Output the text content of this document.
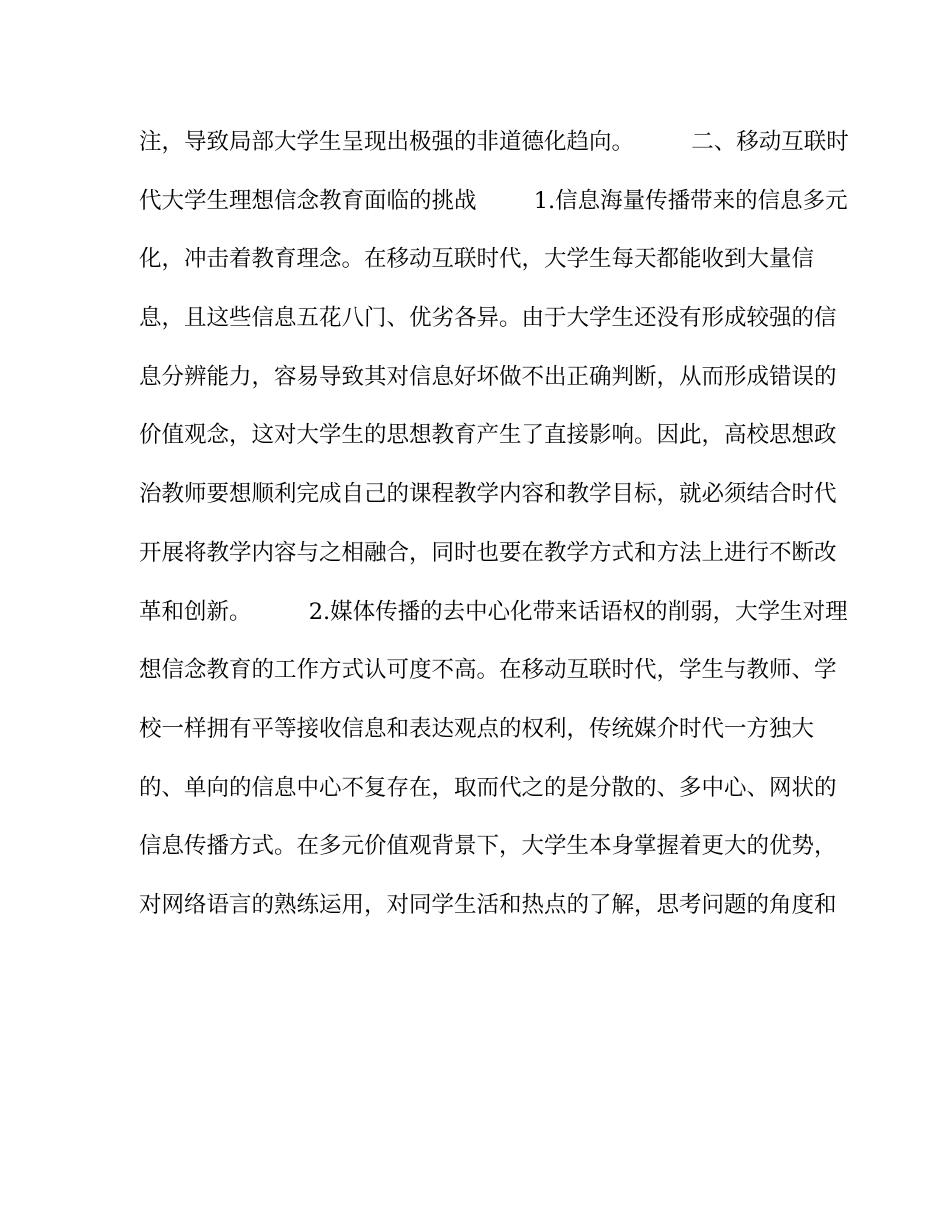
注，导致局部大学生呈现出极强的非道德化趋向。        二、移动互联时
代大学生理想信念教育面临的挑战        1.信息海量传播带来的信息多元
化，冲击着教育理念。在移动互联时代，大学生每天都能收到大量信
息，且这些信息五花八门、优劣各异。由于大学生还没有形成较强的信
息分辨能力，容易导致其对信息好坏做不出正确判断，从而形成错误的
价值观念，这对大学生的思想教育产生了直接影响。因此，高校思想政
治教师要想顺利完成自己的课程教学内容和教学目标，就必须结合时代
开展将教学内容与之相融合，同时也要在教学方式和方法上进行不断改
革和创新。        2.媒体传播的去中心化带来话语权的削弱，大学生对理
想信念教育的工作方式认可度不高。在移动互联时代，学生与教师、学
校一样拥有平等接收信息和表达观点的权利，传统媒介时代一方独大
的、单向的信息中心不复存在，取而代之的是分散的、多中心、网状的
信息传播方式。在多元价值观背景下，大学生本身掌握着更大的优势，
对网络语言的熟练运用，对同学生活和热点的了解，思考问题的角度和
